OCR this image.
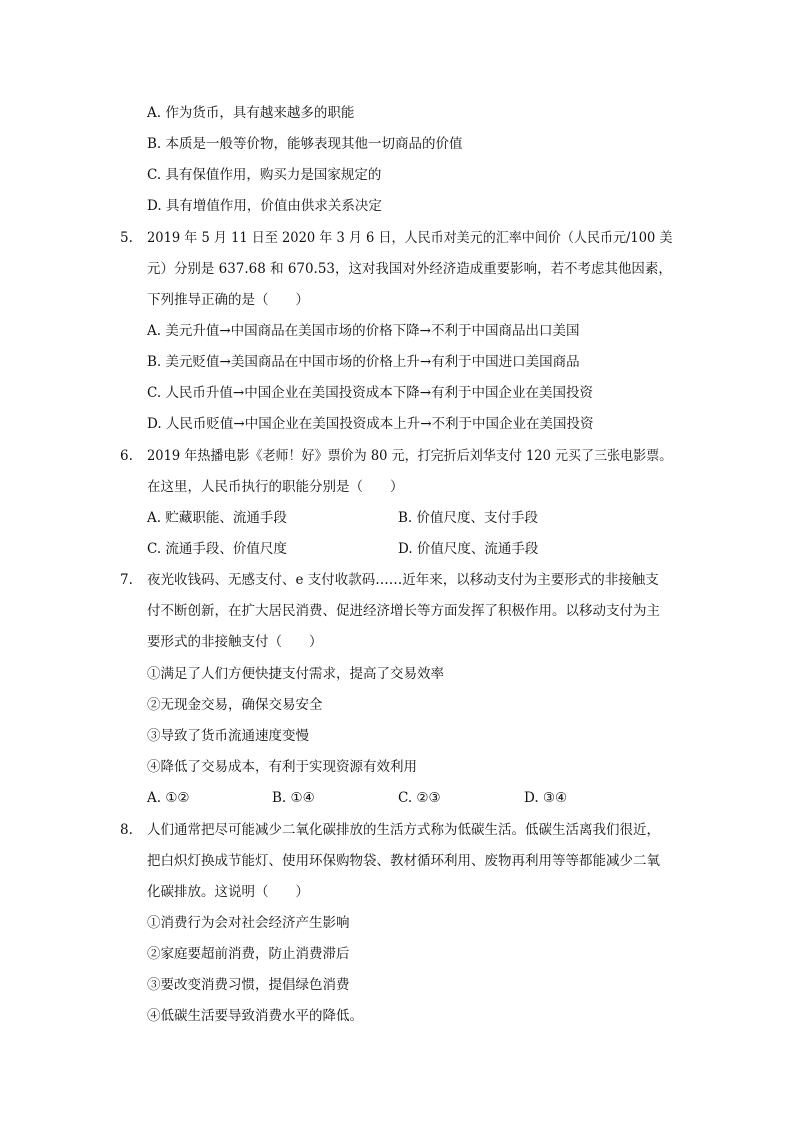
A. 作为货币，具有越来越多的职能
B. 本质是一般等价物，能够表现其他一切商品的价值
C. 具有保值作用，购买力是国家规定的
D. 具有增值作用，价值由供求关系决定
5. 2019 年 5 月 11 日至 2020 年 3 月 6 日，人民币对美元的汇率中间价（人民币元/100 美
元）分别是 637.68 和 670.53，这对我国对外经济造成重要影响，若不考虑其他因素，
下列推导正确的是（　　）
A. 美元升值→中国商品在美国市场的价格下降→不利于中国商品出口美国
B. 美元贬值→美国商品在中国市场的价格上升→有利于中国进口美国商品
C. 人民币升值→中国企业在美国投资成本下降→有利于中国企业在美国投资
D. 人民币贬值→中国企业在美国投资成本上升→不利于中国企业在美国投资
6. 2019 年热播电影《老师！好》票价为 80 元，打完折后刘华支付 120 元买了三张电影票。
在这里，人民币执行的职能分别是（　　）
A. 贮藏职能、流通手段	B. 价值尺度、支付手段
C. 流通手段、价值尺度	D. 价值尺度、流通手段
7. 夜光收钱码、无感支付、e 支付收款码……近年来，以移动支付为主要形式的非接触支
付不断创新，在扩大居民消费、促进经济增长等方面发挥了积极作用。以移动支付为主
要形式的非接触支付（　　）
①满足了人们方便快捷支付需求，提高了交易效率
②无现金交易，确保交易安全
③导致了货币流通速度变慢
④降低了交易成本，有利于实现资源有效利用
A. ①②	B. ①④	C. ②③	D. ③④
8. 人们通常把尽可能减少二氧化碳排放的生活方式称为低碳生活。低碳生活离我们很近，
把白炽灯换成节能灯、使用环保购物袋、教材循环利用、废物再利用等等都能减少二氧
化碳排放。这说明（　　）
①消费行为会对社会经济产生影响
②家庭要超前消费，防止消费滞后
③要改变消费习惯，提倡绿色消费
④低碳生活要导致消费水平的降低。
